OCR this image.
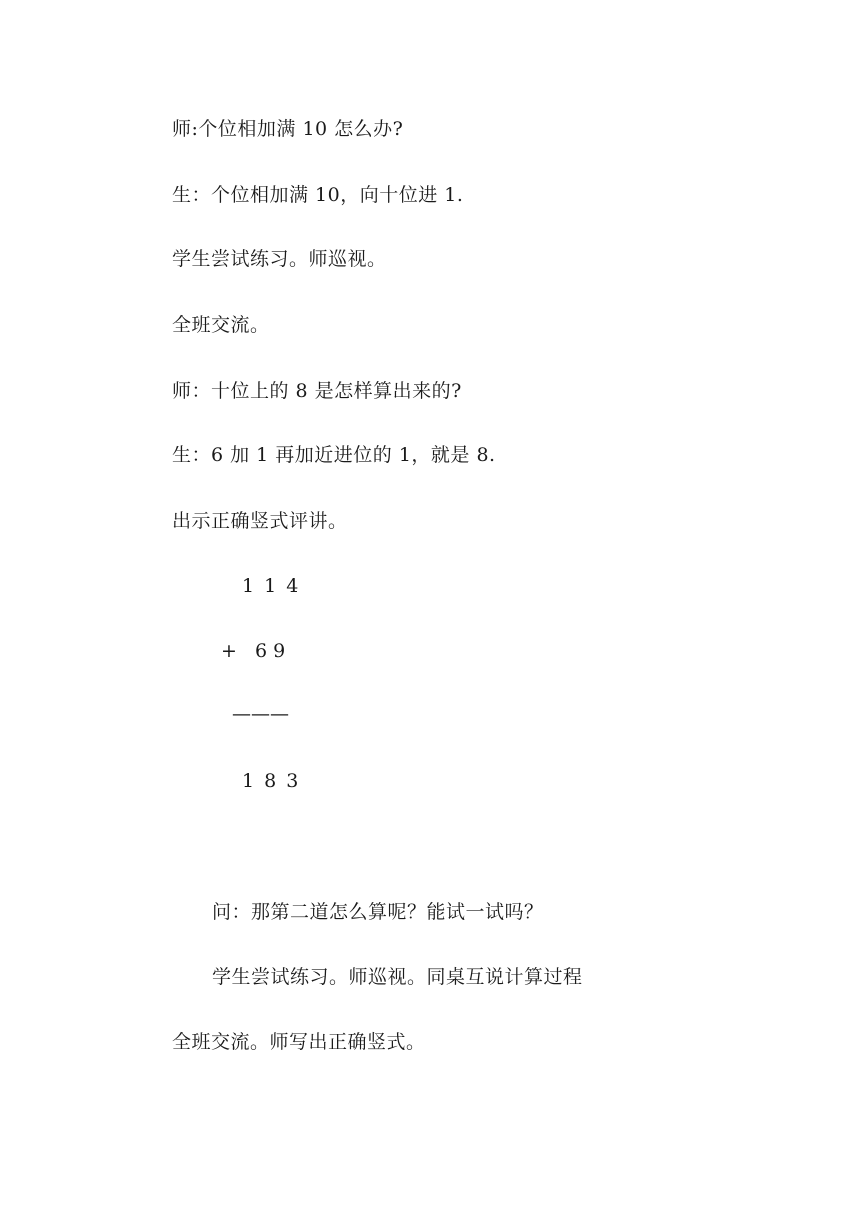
师:个位相加满 10 怎么办?
生：个位相加满 10，向十位进 1.
学生尝试练习。师巡视。
全班交流。
师：十位上的 8 是怎样算出来的?
生：6 加 1 再加近进位的 1，就是 8.
出示正确竖式评讲。
1 1 4
+   6 9
———
1 8 3
问：那第二道怎么算呢？能试一试吗？
学生尝试练习。师巡视。同桌互说计算过程
全班交流。师写出正确竖式。
